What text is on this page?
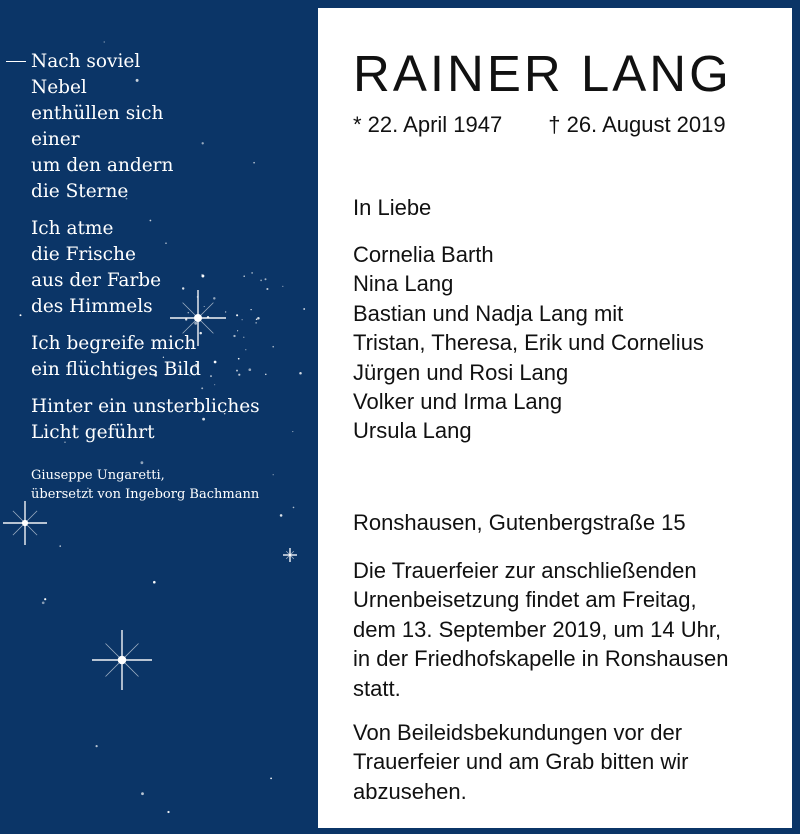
Nach soviel
Nebel
enthüllen sich
einer
um den andern
die Sterne
Ich atme
die Frische
aus der Farbe
des Himmels
Ich begreife mich
ein flüchtiges Bild
Hinter ein unsterbliches
Licht geführt
Giuseppe Ungaretti,
übersetzt von Ingeborg Bachmann
RAINER LANG
* 22. April 1947 † 26. August 2019
In Liebe
Cornelia Barth
Nina Lang
Bastian und Nadja Lang mit
Tristan, Theresa, Erik und Cornelius
Jürgen und Rosi Lang
Volker und Irma Lang
Ursula Lang
Ronshausen, Gutenbergstraße 15
Die Trauerfeier zur anschließenden
Urnenbeisetzung findet am Freitag,
dem 13. September 2019, um 14 Uhr,
in der Friedhofskapelle in Ronshausen
statt.
Von Beileidsbekundungen vor der
Trauerfeier und am Grab bitten wir
abzusehen.
